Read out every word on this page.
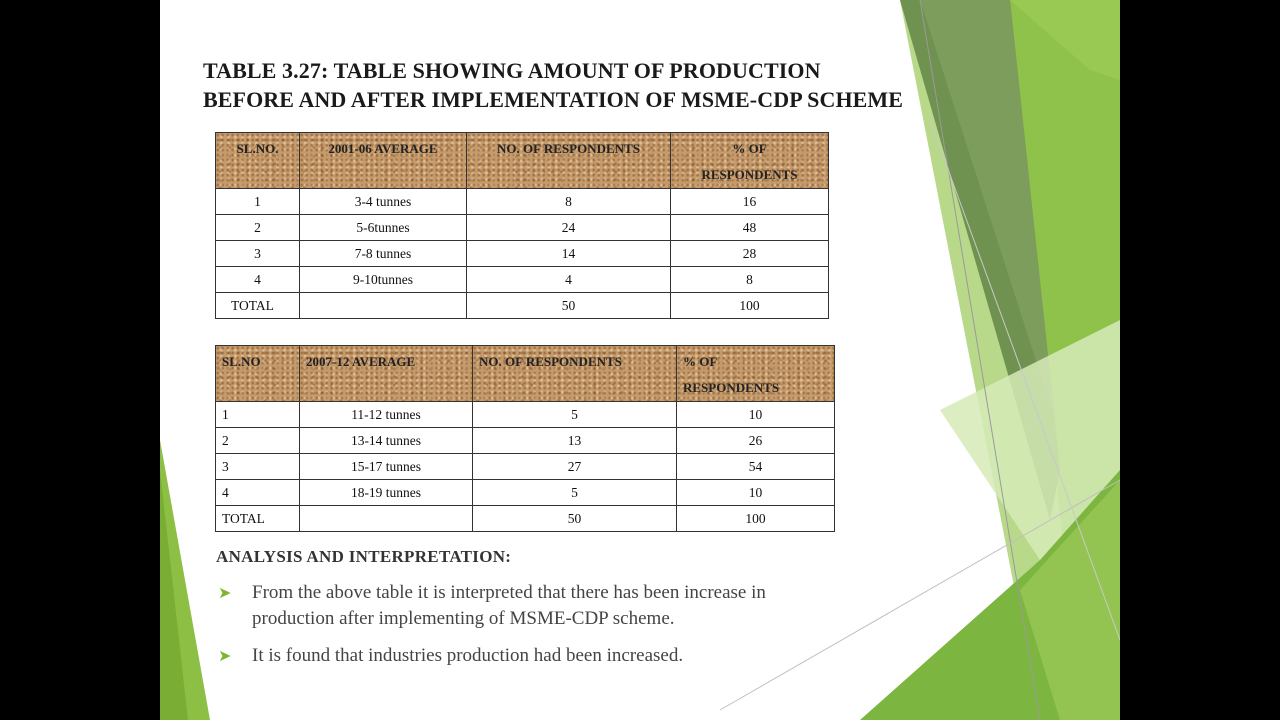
TABLE 3.27: TABLE SHOWING AMOUNT OF PRODUCTION
BEFORE AND AFTER IMPLEMENTATION OF MSME-CDP SCHEME
SL.NO.	2001-06 AVERAGE	NO. OF RESPONDENTS	% OF
RESPONDENTS

1	3-4 tunnes	8	16
2	5-6tunnes	24	48
3	7-8 tunnes	14	28
4	9-10tunnes	4	8
TOTAL		50	100
SL.NO	2007-12 AVERAGE	NO. OF RESPONDENTS	% OF
RESPONDENTS

1	11-12 tunnes	5	10
2	13-14 tunnes	13	26
3	15-17 tunnes	27	54
4	18-19 tunnes	5	10
TOTAL		50	100
ANALYSIS AND INTERPRETATION:
➤ From the above table it is interpreted that there has been increase in
production after implementing of MSME-CDP scheme.
➤ It is found that industries production had been increased.
